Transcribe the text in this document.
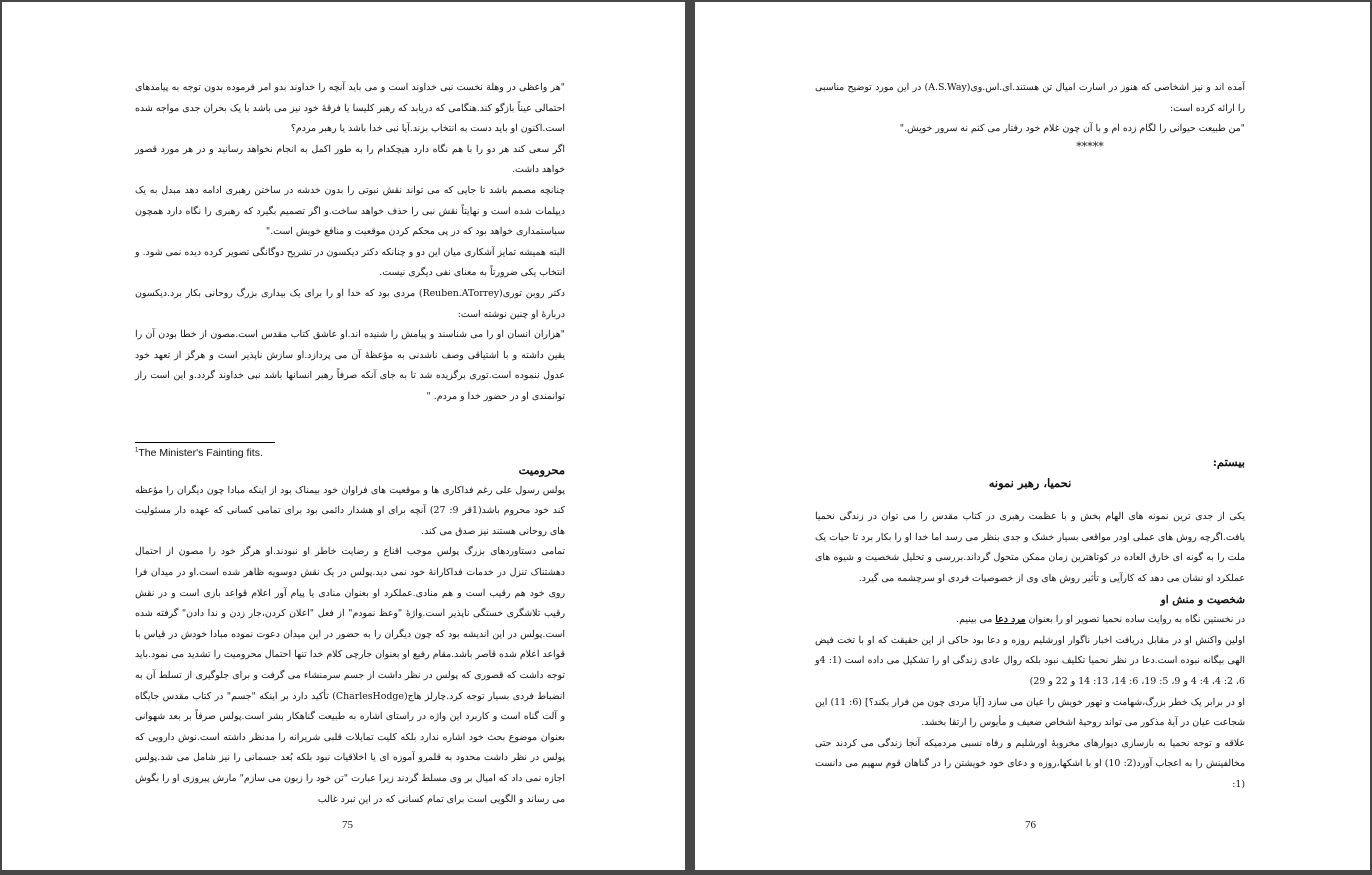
"هر واعظی در وهلة نخست نبی خداوند است و می باید آنچه را خداوند بدو امر فرموده بدون توجه به پیامدهای احتمالی عیناً بازگو کند.هنگامی که دریابد که رهبر کلیسا یا فرقهٔ خود نیز می باشد با یک بحران جدی مواجه شده است.اکنون او باید دست به انتخاب بزند.آیا نبی خدا باشد یا رهبر مردم؟

اگر سعی کند هر دو را با هم نگاه دارد هیچکدام را به طور اکمل به انجام نخواهد رسانید و در هر مورد قصور خواهد داشت.

چنانچه مصمم باشد تا جایی که می تواند نقش نبوتی را بدون خدشه در ساختن رهبری ادامه دهد مبدل به یک دیپلمات شده است و نهایتاً نقش نبی را حذف خواهد ساخت.و اگر تصمیم بگیرد که رهبری را نگاه دارد همچون سیاستمداری خواهد بود که در پی محکم کردن موقعیت و منافع خویش است."

البته همیشه تمایز آشکاری میان این دو و چنانکه دکتر دیکسون در تشریح دوگانگی تصویر کرده دیده نمی شود. و انتخاب یکی ضرورتاً به معنای نفی دیگری نیست.

دکتر روبن توری(Reuben.ATorrey) مردی بود که خدا او را برای یک بیداری بزرگ روحانی بکار برد.دیکسون دربارهٔ او چنین نوشته است:

"هزاران انسان او را می شناسند و پیامش را شنیده اند.او عاشق کتاب مقدس است.مصون از خطا بودن آن را یقین داشته و با اشتیاقی وصف ناشدنی به مؤعظهٔ آن می پردازد.او سازش ناپذیر است و هرگز از تعهد خود عدول ننموده است.توری برگزیده شد تا به جای آنکه صرفاً رهبر انسانها باشد نبی خداوند گردد.و این است راز توانمندی او در حضور خدا و مردم. "

$^1$The Minister's Fainting fits.

محرومیت

پولس رسول علی رغم فداکاری ها و موقعیت های فراوان خود بیمناک بود از اینکه مبادا چون دیگران را مؤعظه کند خود محروم باشد(1قر 9: 27) آنچه برای او هشدار دائمی بود برای تمامی کسانی که عهده دار مسئولیت های روحانی هستند نیز صدق می کند.

تمامی دستاوردهای بزرگ پولس موجب اقناع و رضایت خاطر او نبودند.او هرگز خود را مصون از احتمال دهشتناک تنزل در خدمات فداکارانهٔ خود نمی دید.پولس در یک نقش دوسویه ظاهر شده است.او در میدان فرا روی خود هم رقیب است و هم منادی.عملکرد او بعنوان منادی یا پیام آور اعلام قواعد بازی است و در نقش رقیب تلاشگری خستگی ناپذیر است.واژهٔ "وعظ نمودم" از فعل "اعلان کردن،جار زدن و ندا دادن" گرفته شده است.پولس در این اندیشه بود که چون دیگران را به حضور در این میدان دعوت نموده مبادا خودش در قیاس با قواعد اعلام شده قاصر باشد.مقام رفیع او بعنوان جارچی کلام خدا تنها احتمال محرومیت را تشدید می نمود.باید توجه داشت که قصوری که پولس در نظر داشت از جسم سرمنشاء می گرفت و برای جلوگیری از تسلط آن به انضباط فردی بسیار توجه کرد.چارلز هاج(CharlesHodge) تأکید دارد بر اینکه "جسم" در کتاب مقدس جایگاه و آلت گناه است و کاربرد این واژه در راستای اشاره به طبیعت گناهکار بشر است.پولس صرفاً بر بعد شهوانی بعنوان موضوع بحث خود اشاره ندارد بلکه کلیت تمایلات قلبی شریرانه را مدنظر داشته است.نوش دارویی که پولس در نظر داشت محدود به قلمرو آموزه ای یا اخلاقیات نبود بلکه بُعد جسمانی را نیز شامل می شد.پولس اجازه نمی داد که امیال بر وی مسلط گردند زیرا عبارت "تن خود را زبون می سازم" مارش پیروزی او را بگوش می رساند و الگویی است برای تمام کسانی که در این نبرد غالب

75

آمده اند و نیز اشخاصی که هنوز در اسارت امیال تن هستند.ای.اس.وی(A.S.Way) در این مورد توضیح مناسبی را ارائه کرده است:

"من طبیعت حیوانی را لگام زده ام و با آن چون غلام خود رفتار می کنم نه سرور خویش."

*****

بیستم:

نحمیا، رهبر نمونه

یکی از جدی ترین نمونه های الهام بخش و با عظمت رهبری در کتاب مقدس را می توان در زندگی نحمیا یافت.اگرچه روش های عملی اودر مواقعی بسیار خشک و جدی بنظر می رسد اما خدا او را بکار برد تا حیات یک ملت را به گونه ای خارق العاده در کوتاهترین زمان ممکن متحول گرداند.بررسی و تحلیل شخصیت و شیوه های عملکرد او نشان می دهد که کارآیی و تأثیر روش های وی از خصوصیات فردی او سرچشمه می گیرد.

شخصیت و منش او

در نخستین نگاه به روایت ساده نحمیا تصویر او را بعنوان مرد دعا می بینیم.

اولین واکنش او در مقابل دریافت اخبار ناگوار اورشلیم روزه و دعا بود حاکی از این حقیقت که او با تخت فیض الهی بیگانه نبوده است.دعا در نظر نحمیا تکلیف نبود بلکه روال عادی زندگی او را تشکیل می داده است (1: 4و 6، 2: 4، 4: 4 و 9، 5: 19، 6: 14، 13: 14 و 22 و 29)

او در برابر یک خطر بزرگ،شهامت و تهور خویش را عیان می سازد [آیا مردی چون من فرار بکند؟] (6: 11) این شجاعت عیان در آیهٔ مذکور می تواند روحیهٔ اشخاص ضعیف و مأیوس را ارتقا بخشد.

علاقه و توجه نحمیا به بازسازی دیوارهای مخروبهٔ اورشلیم و رفاه نسبی مردمیکه آنجا زندگی می کردند حتی مخالفینش را به اعجاب آورد(2: 10) او با اشکها،روزه و دعای خود خویشتن را در گناهان قوم سهیم می دانست (1:

76
